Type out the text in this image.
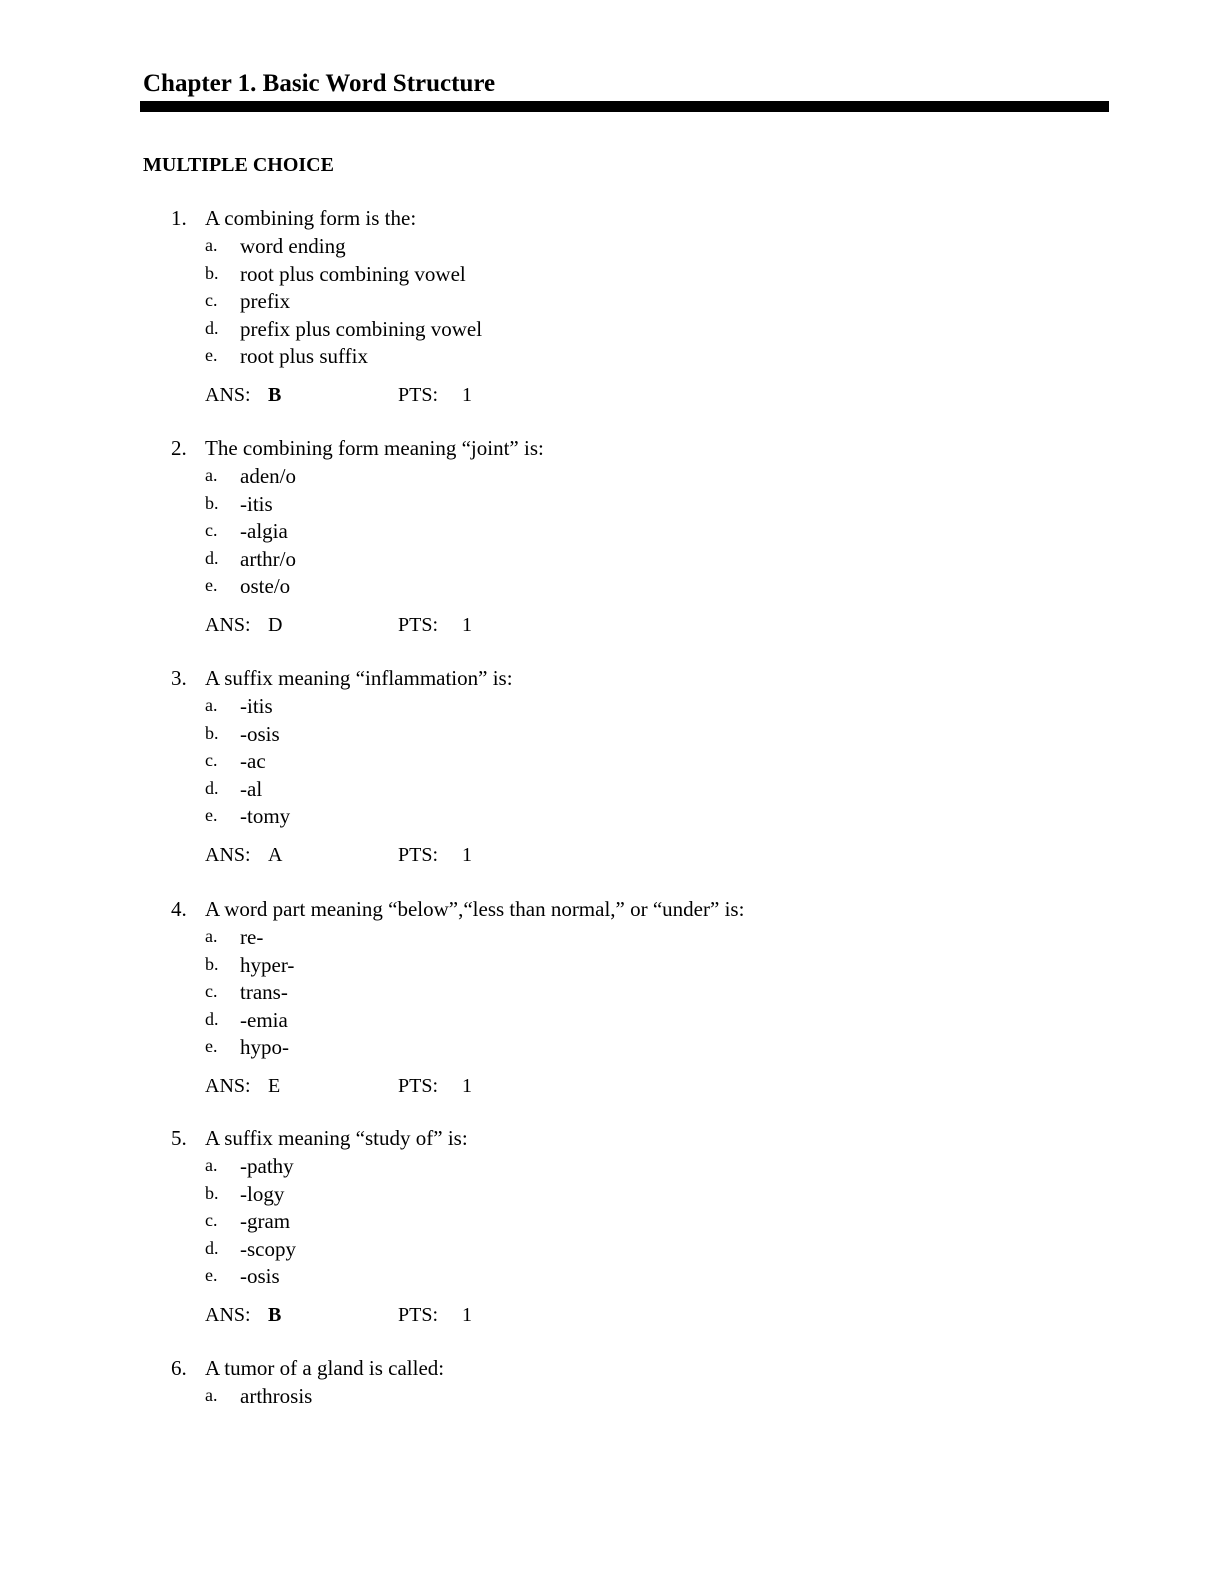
Chapter 1. Basic Word Structure
MULTIPLE CHOICE
1. A combining form is the:
a. word ending
b. root plus combining vowel
c. prefix
d. prefix plus combining vowel
e. root plus suffix
ANS: B	PTS: 1
2. The combining form meaning “joint” is:
a. aden/o
b. -itis
c. -algia
d. arthr/o
e. oste/o
ANS: D	PTS: 1
3. A suffix meaning “inflammation” is:
a. -itis
b. -osis
c. -ac
d. -al
e. -tomy
ANS: A	PTS: 1
4. A word part meaning “below”,“less than normal,” or “under” is:
a. re-
b. hyper-
c. trans-
d. -emia
e. hypo-
ANS: E	PTS: 1
5. A suffix meaning “study of” is:
a. -pathy
b. -logy
c. -gram
d. -scopy
e. -osis
ANS: B	PTS: 1
6. A tumor of a gland is called:
a. arthrosis
